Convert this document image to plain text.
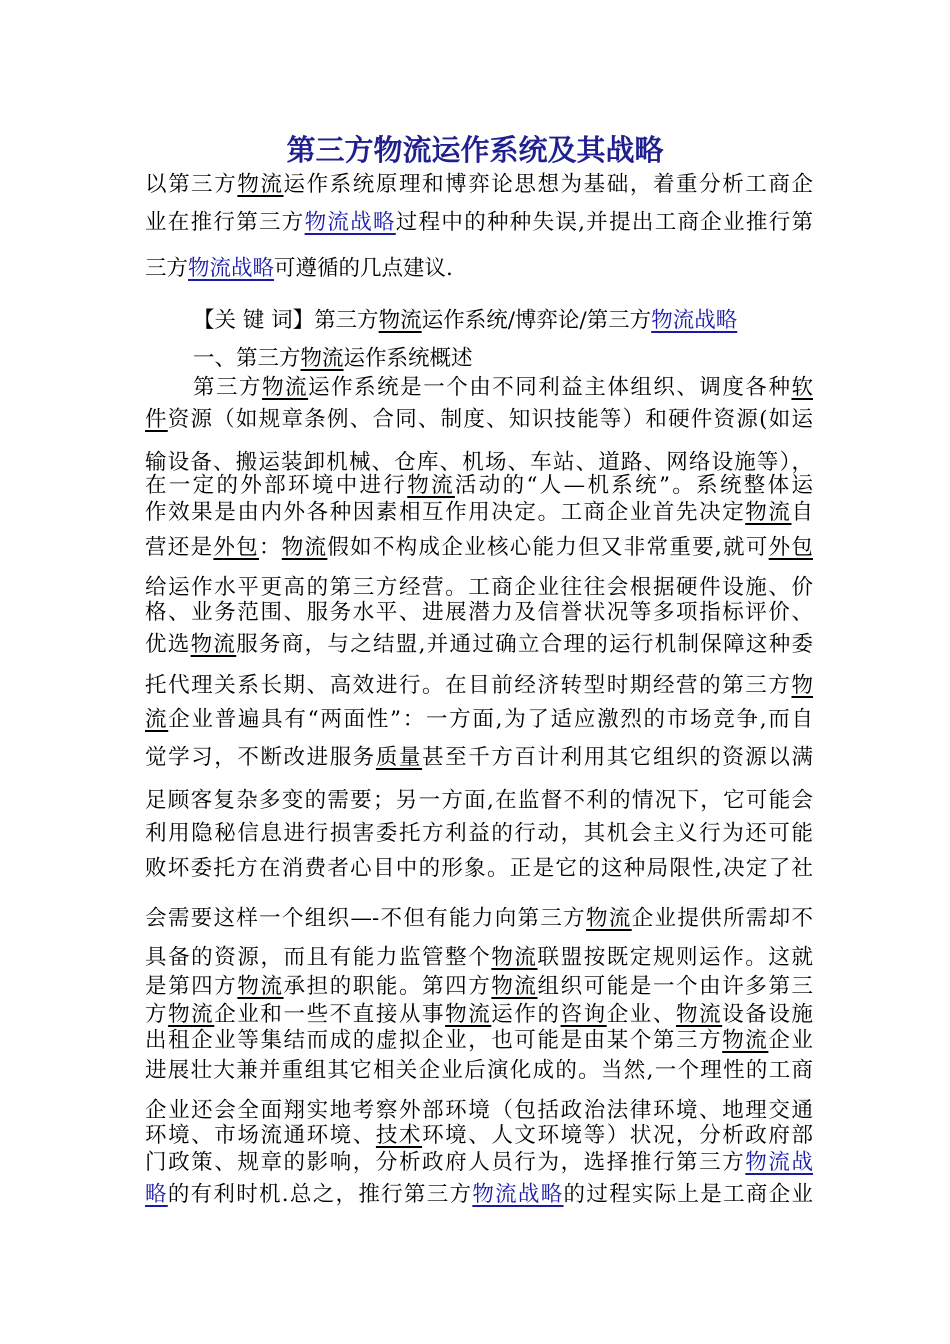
第三方物流运作系统及其战略
以第三方物流运作系统原理和博弈论思想为基础，着重分析工商企
业在推行第三方物流战略过程中的种种失误,并提出工商企业推行第
三方物流战略可遵循的几点建议.
【关 键 词】第三方物流运作系统/博弈论/第三方物流战略
一、第三方物流运作系统概述
第三方物流运作系统是一个由不同利益主体组织、调度各种软
件资源（如规章条例、合同、制度、知识技能等）和硬件资源(如运
输设备、搬运装卸机械、仓库、机场、车站、道路、网络设施等），
在一定的外部环境中进行物流活动的“人—机系统”。系统整体运
作效果是由内外各种因素相互作用决定。工商企业首先决定物流自
营还是外包：物流假如不构成企业核心能力但又非常重要,就可外包
给运作水平更高的第三方经营。工商企业往往会根据硬件设施、价
格、业务范围、服务水平、进展潜力及信誉状况等多项指标评价、
优选物流服务商，与之结盟,并通过确立合理的运行机制保障这种委
托代理关系长期、高效进行。在目前经济转型时期经营的第三方物
流企业普遍具有“两面性”：一方面,为了适应激烈的市场竞争,而自
觉学习，不断改进服务质量甚至千方百计利用其它组织的资源以满
足顾客复杂多变的需要；另一方面,在监督不利的情况下，它可能会
利用隐秘信息进行损害委托方利益的行动，其机会主义行为还可能
败坏委托方在消费者心目中的形象。正是它的这种局限性,决定了社
会需要这样一个组织—-不但有能力向第三方物流企业提供所需却不
具备的资源，而且有能力监管整个物流联盟按既定规则运作。这就
是第四方物流承担的职能。第四方物流组织可能是一个由许多第三
方物流企业和一些不直接从事物流运作的咨询企业、物流设备设施
出租企业等集结而成的虚拟企业，也可能是由某个第三方物流企业
进展壮大兼并重组其它相关企业后演化成的。当然,一个理性的工商
企业还会全面翔实地考察外部环境（包括政治法律环境、地理交通
环境、市场流通环境、技术环境、人文环境等）状况，分析政府部
门政策、规章的影响，分析政府人员行为，选择推行第三方物流战
略的有利时机.总之，推行第三方物流战略的过程实际上是工商企业
